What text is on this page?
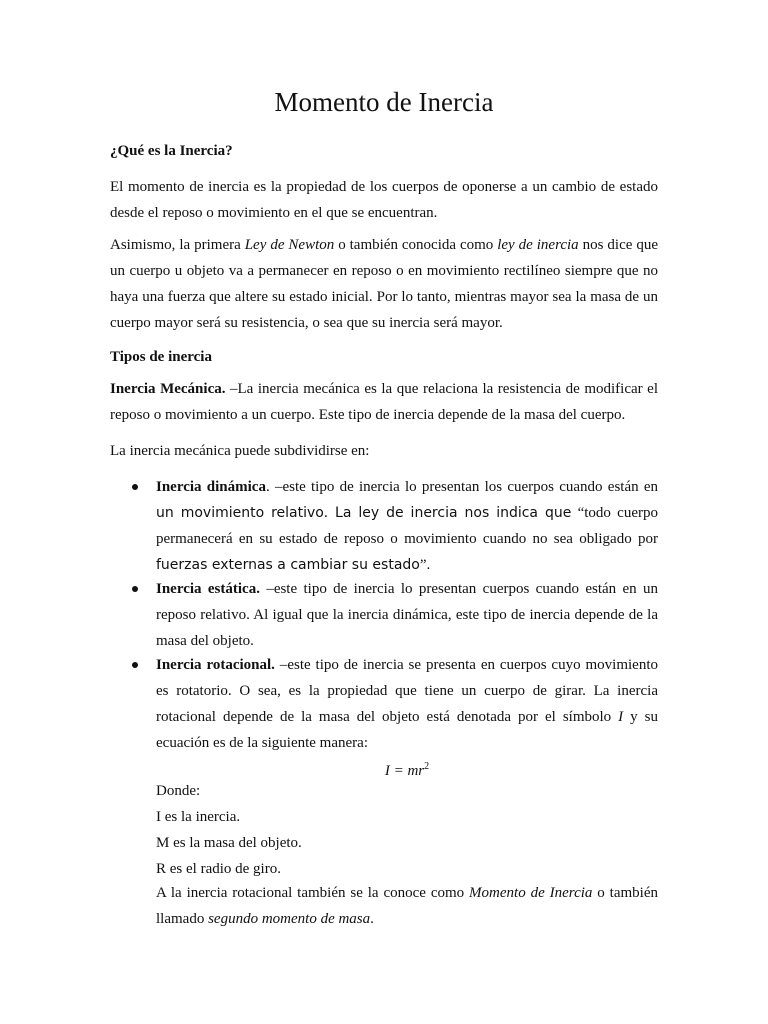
Momento de Inercia

¿Qué es la Inercia?

El momento de inercia es la propiedad de los cuerpos de oponerse a un cambio de estado desde el reposo o movimiento en el que se encuentran.

Asimismo, la primera Ley de Newton o también conocida como ley de inercia nos dice que un cuerpo u objeto va a permanecer en reposo o en movimiento rectilíneo siempre que no haya una fuerza que altere su estado inicial. Por lo tanto, mientras mayor sea la masa de un cuerpo mayor será su resistencia, o sea que su inercia será mayor.

Tipos de inercia

Inercia Mecánica. –La inercia mecánica es la que relaciona la resistencia de modificar el reposo o movimiento a un cuerpo. Este tipo de inercia depende de la masa del cuerpo.

La inercia mecánica puede subdividirse en:

Inercia dinámica. –este tipo de inercia lo presentan los cuerpos cuando están en un movimiento relativo. La ley de inercia nos indica que “todo cuerpo permanecerá en su estado de reposo o movimiento cuando no sea obligado por fuerzas externas a cambiar su estado”.
Inercia estática. –este tipo de inercia lo presentan cuerpos cuando están en un reposo relativo. Al igual que la inercia dinámica, este tipo de inercia depende de la masa del objeto.
Inercia rotacional. –este tipo de inercia se presenta en cuerpos cuyo movimiento es rotatorio. O sea, es la propiedad que tiene un cuerpo de girar. La inercia rotacional depende de la masa del objeto está denotada por el símbolo I y su ecuación es de la siguiente manera:
$I = mr^2$
Donde:
I es la inercia.
M es la masa del objeto.
R es el radio de giro.
A la inercia rotacional también se la conoce como Momento de Inercia o también llamado segundo momento de masa.
